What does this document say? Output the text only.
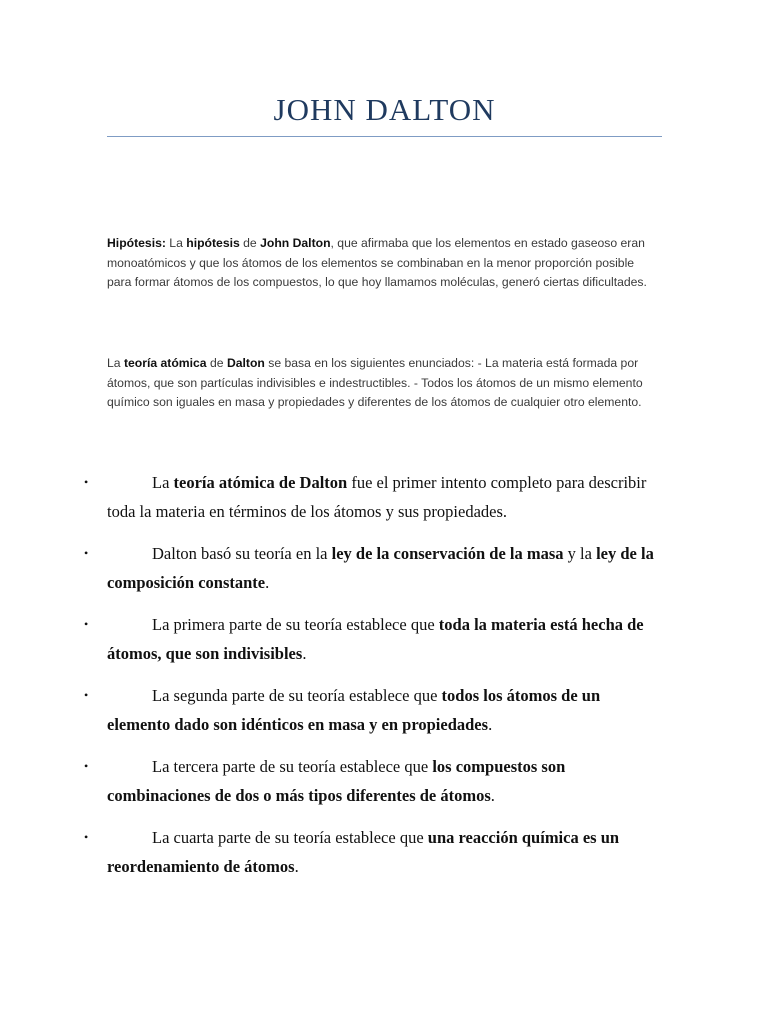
JOHN DALTON

Hipótesis: La hipótesis de John Dalton, que afirmaba que los elementos en estado gaseoso eran monoatómicos y que los átomos de los elementos se combinaban en la menor proporción posible para formar átomos de los compuestos, lo que hoy llamamos moléculas, generó ciertas dificultades.

La teoría atómica de Dalton se basa en los siguientes enunciados: - La materia está formada por átomos, que son partículas indivisibles e indestructibles. - Todos los átomos de un mismo elemento químico son iguales en masa y propiedades y diferentes de los átomos de cualquier otro elemento.

•	La teoría atómica de Dalton fue el primer intento completo para describir toda la materia en términos de los átomos y sus propiedades.
•	Dalton basó su teoría en la ley de la conservación de la masa y la ley de la composición constante.
•	La primera parte de su teoría establece que toda la materia está hecha de átomos, que son indivisibles.
•	La segunda parte de su teoría establece que todos los átomos de un elemento dado son idénticos en masa y en propiedades.
•	La tercera parte de su teoría establece que los compuestos son combinaciones de dos o más tipos diferentes de átomos.
•	La cuarta parte de su teoría establece que una reacción química es un reordenamiento de átomos.
